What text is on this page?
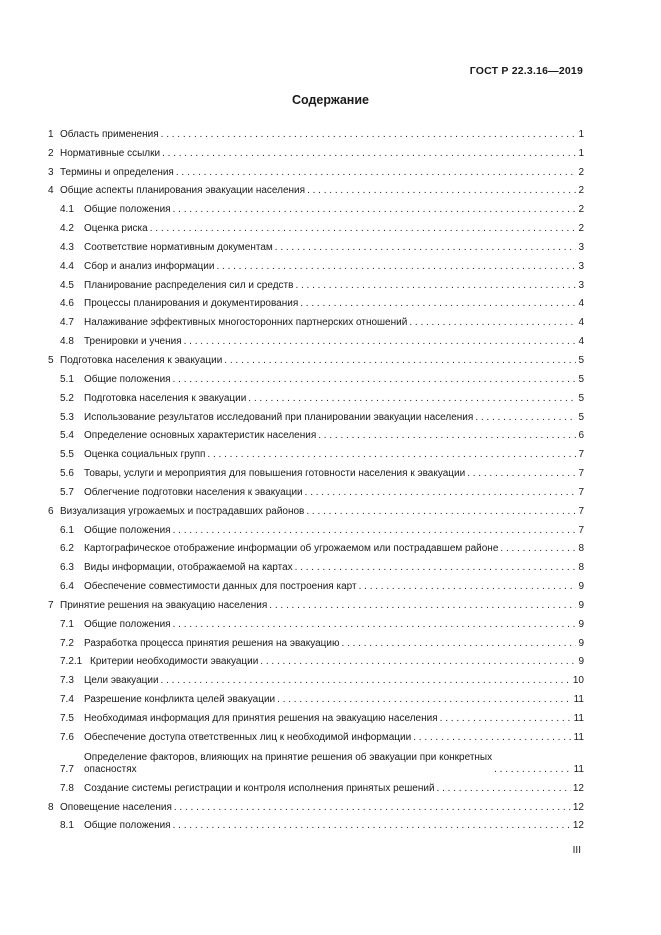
ГОСТ Р 22.3.16—2019
Содержание
1 Область применения . . .	1
2 Нормативные ссылки . . .	1
3 Термины и определения . . .	2
4 Общие аспекты планирования эвакуации населения . . .	2
4.1	Общие положения . . .	2
4.2	Оценка риска . . .	2
4.3	Соответствие нормативным документам . . .	3
4.4	Сбор и анализ информации . . .	3
4.5	Планирование распределения сил и средств . . .	3
4.6	Процессы планирования и документирования . . .	4
4.7	Налаживание эффективных многосторонних партнерских отношений . . .	4
4.8	Тренировки и учения . . .	4
5 Подготовка населения к эвакуации . . .	5
5.1	Общие положения . . .	5
5.2	Подготовка населения к эвакуации . . .	5
5.3	Использование результатов исследований при планировании эвакуации населения . . .	5
5.4	Определение основных характеристик населения . . .	6
5.5	Оценка социальных групп . . .	7
5.6	Товары, услуги и мероприятия для повышения готовности населения к эвакуации . . .	7
5.7	Облегчение подготовки населения к эвакуации . . .	7
6 Визуализация угрожаемых и пострадавших районов . . .	7
6.1	Общие положения . . .	7
6.2	Картографическое отображение информации об угрожаемом или пострадавшем районе . . .	8
6.3	Виды информации, отображаемой на картах . . .	8
6.4	Обеспечение совместимости данных для построения карт . . .	9
7 Принятие решения на эвакуацию населения . . .	9
7.1	Общие положения . . .	9
7.2	Разработка процесса принятия решения на эвакуацию . . .	9
7.2.1 Критерии необходимости эвакуации . . .	9
7.3	Цели эвакуации . . .	10
7.4	Разрешение конфликта целей эвакуации . . .	11
7.5	Необходимая информация для принятия решения на эвакуацию населения . . .	11
7.6	Обеспечение доступа ответственных лиц к необходимой информации . . .	11
7.7
Определение факторов, влияющих на принятие решения об эвакуации при конкретных
опасностях . . .	11
7.8	Создание системы регистрации и контроля исполнения принятых решений . . .	12
8 Оповещение населения . . .	12
8.1	Общие положения . . .	12
III
